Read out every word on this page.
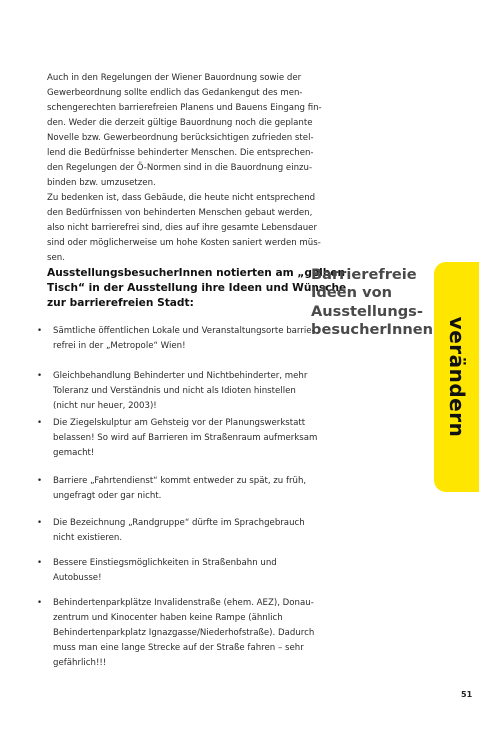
Auch in den Regelungen der Wiener Bauordnung sowie der
Gewerbeordnung sollte endlich das Gedankengut des men-
schengerechten barrierefreien Planens und Bauens Eingang fin-
den. Weder die derzeit gültige Bauordnung noch die geplante
Novelle bzw. Gewerbeordnung berücksichtigen zufrieden stel-
lend die Bedürfnisse behinderter Menschen. Die entsprechen-
den Regelungen der Ö-Normen sind in die Bauordnung einzu-
binden bzw. umzusetzen.
Zu bedenken ist, dass Gebäude, die heute nicht entsprechend
den Bedürfnissen von behinderten Menschen gebaut werden,
also nicht barrierefrei sind, dies auf ihre gesamte Lebensdauer
sind oder möglicherweise um hohe Kosten saniert werden müs-
sen.
AusstellungsbesucherInnen notierten am „gelben
Tisch“ in der Ausstellung ihre Ideen und Wünsche
zur barrierefreien Stadt:
Barrierefreie
Ideen von
Ausstellungs-
besucherInnen
• Sämtliche öffentlichen Lokale und Veranstaltungsorte barrie-
refrei in der „Metropole“ Wien!
• Gleichbehandlung Behinderter und Nichtbehinderter, mehr
Toleranz und Verständnis und nicht als Idioten hinstellen
(nicht nur heuer, 2003)!
• Die Ziegelskulptur am Gehsteig vor der Planungswerkstatt
belassen! So wird auf Barrieren im Straßenraum aufmerksam
gemacht!
• Barriere „Fahrtendienst“ kommt entweder zu spät, zu früh,
ungefragt oder gar nicht.
• Die Bezeichnung „Randgruppe“ dürfte im Sprachgebrauch
nicht existieren.
• Bessere Einstiegsmöglichkeiten in Straßenbahn und
Autobusse!
• Behindertenparkplätze Invalidenstraße (ehem. AEZ), Donau-
zentrum und Kinocenter haben keine Rampe (ähnlich
Behindertenparkplatz Ignazgasse/Niederhofstraße). Dadurch
muss man eine lange Strecke auf der Straße fahren – sehr
gefährlich!!!
verändern
51
